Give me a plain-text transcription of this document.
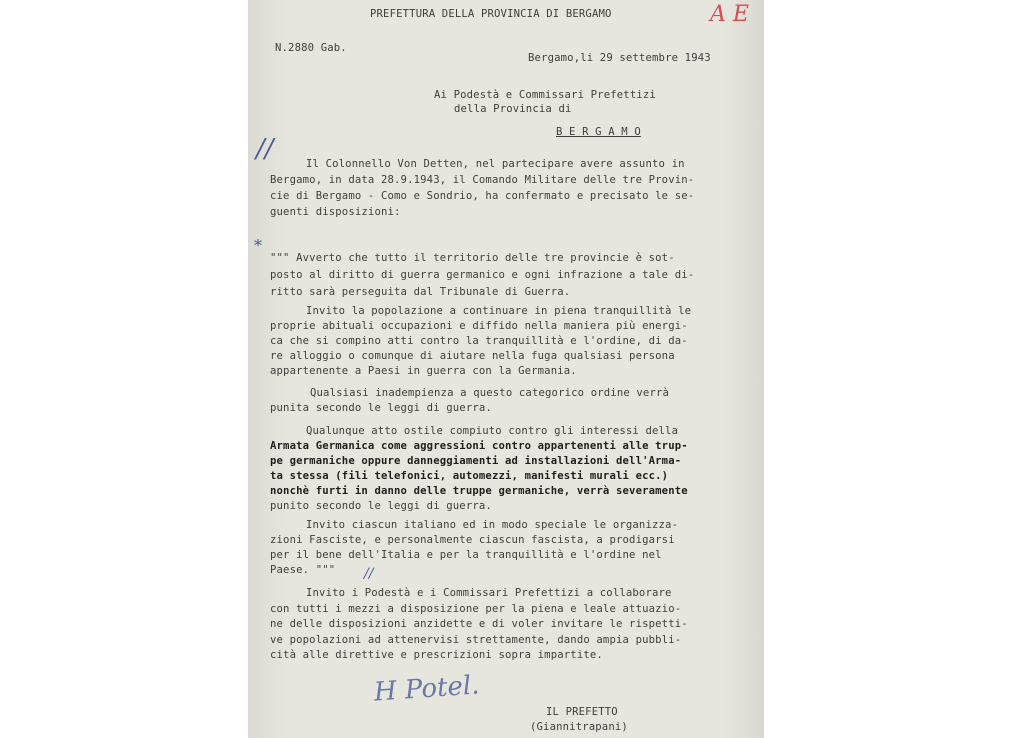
PREFETTURA DELLA PROVINCIA DI BERGAMO	A E
N.2880 Gab.
Bergamo,li 29 settembre 1943
Ai Podestà e Commissari Prefettizi
della Provincia di
B E R G A M O
//
*
//

Il Colonnello Von Detten, nel partecipare avere assunto in

Bergamo, in data 28.9.1943, il Comando Militare delle tre Provin-

cie di Bergamo - Como e Sondrio, ha confermato e precisato le se-

guenti disposizioni:

""" Avverto che tutto il territorio delle tre provincie è sot-

posto al diritto di guerra germanico e ogni infrazione a tale di-

ritto sarà perseguita dal Tribunale di Guerra.

Invito la popolazione a continuare in piena tranquillità le

proprie abituali occupazioni e diffido nella maniera più energi-

ca che si compino atti contro la tranquillità e l'ordine, di da-

re alloggio o comunque di aiutare nella fuga qualsiasi persona

appartenente a Paesi in guerra con la Germania.

Qualsiasi inadempienza a questo categorico ordine verrà

punita secondo le leggi di guerra.

Qualunque atto ostile compiuto contro gli interessi della

Armata Germanica come aggressioni contro appartenenti alle trup-

pe germaniche oppure danneggiamenti ad installazioni dell'Arma-

ta stessa (fili telefonici, automezzi, manifesti murali ecc.)

nonchè furti in danno delle truppe germaniche, verrà severamente

punito secondo le leggi di guerra.

Invito ciascun italiano ed in modo speciale le organizza-

zioni Fasciste, e personalmente ciascun fascista, a prodigarsi

per il bene dell'Italia e per la tranquillità e l'ordine nel

Paese. """

Invito i Podestà e i Commissari Prefettizi a collaborare

con tutti i mezzi a disposizione per la piena e leale attuazio-

ne delle disposizioni anzidette e di voler invitare le rispetti-

ve popolazioni ad attenervisi strettamente, dando ampia pubbli-

cità alle direttive e prescrizioni sopra impartite.

H Potel.
IL PREFETTO
(Giannitrapani)
